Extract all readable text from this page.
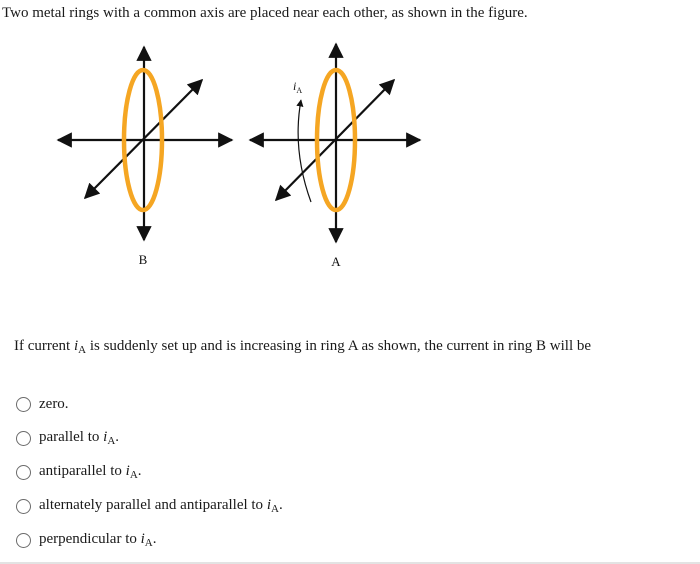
Two metal rings with a common axis are placed near each other, as shown in the figure.
B
$i_A$
A
If current $i_A$ is suddenly set up and is increasing in ring A as shown, the current in ring B will be
zero.
parallel to $i_A$.
antiparallel to $i_A$.
alternately parallel and antiparallel to $i_A$.
perpendicular to $i_A$.
